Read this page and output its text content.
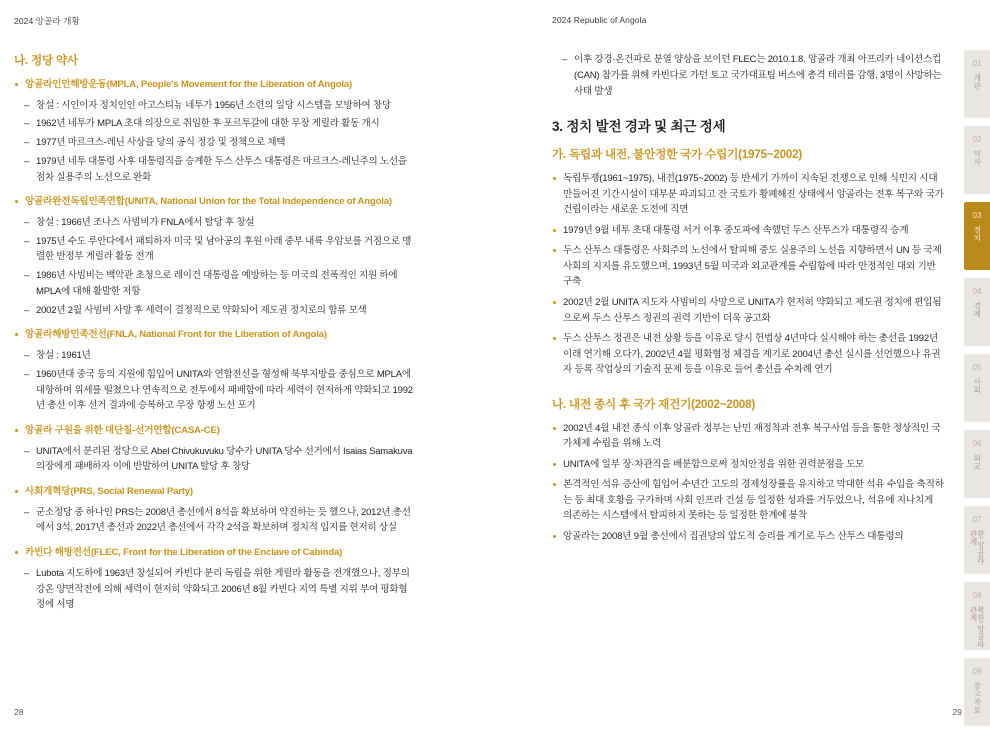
2024 앙골라 개황	2024 Republic of Angola
나. 정당 약사
앙골라인민해방운동(MPLA, People's Movement for the Liberation of Angola)
– 창설 : 시인이자 정치인인 아고스티뉴 네투가 1956년 소련의 일당 시스템을 모방하여 창당
– 1962년 네투가 MPLA 초대 의장으로 취임한 후 포르투갈에 대한 무장 게릴라 활동 개시
– 1977년 마르크스-레닌 사상을 당의 공식 정강 및 정책으로 채택
– 1979년 네투 대통령 사후 대통령직을 승계한 두스 산투스 대통령은 마르크스-레닌주의 노선을 점차 실용주의 노선으로 완화
앙골라완전독립민족연합(UNITA, National Union for the Total Independence of Angola)
– 창설 : 1966년 조나스 사빔비가 FNLA에서 탈당 후 창설
– 1975년 수도 루안다에서 패퇴하자 미국 및 남아공의 후원 아래 중부 내륙 우암보를 거점으로 맹렬한 반정부 게릴라 활동 전개
– 1986년 사빔비는 백악관 초청으로 레이건 대통령을 예방하는 등 미국의 전폭적인 지원 하에 MPLA에 대해 활발한 저항
– 2002년 2월 사빔비 사망 후 세력이 결정적으로 약화되어 제도권 정치로의 합류 모색
앙골라해방민족전선(FNLA, National Front for the Liberation of Angola)
– 창설 : 1961년
– 1960년대 중국 등의 지원에 힘입어 UNITA와 연합전선을 형성해 북부지방을 중심으로 MPLA에 대항하며 위세를 떨쳤으나 연속적으로 전투에서 패배함에 따라 세력이 현저하게 약화되고 1992년 총선 이후 선거 결과에 승복하고 무장 항쟁 노선 포기
앙골라 구원을 위한 대단칠-선거연합(CASA-CE)
– UNITA에서 분리된 정당으로 Abel Chivukuvuku 당수가 UNITA 당수 선거에서 Isaias Samakuva 의장에게 패배하자 이에 반발하여 UNITA 탈당 후 창당
사회개혁당(PRS, Social Renewal Party)
– 군소정당 중 하나인 PRS는 2008년 총선에서 8석을 확보하며 약진하는 듯 했으나, 2012년 총선에서 3석, 2017년 총선과 2022년 총선에서 각각 2석을 확보하며 정치적 입지를 현저히 상실
카빈다 해방전선(FLEC, Front for the Liberation of the Enclave of Cabinda)
– Lubota 지도하에 1963년 창설되어 카빈다 분리 독립을 위한 게릴라 활동을 전개했으나, 정부의 강온 양면작전에 의해 세력이 현저히 약화되고 2006년 8월 카빈다 지역 특별 지위 부여 평화협정에 서명
– 이후 강경·온건파로 분열 양상을 보이던 FLEC는 2010.1.8. 앙골라 개최 아프리카 네이션스컵(CAN) 참가를 위해 카빈다로 가던 토고 국가대표팀 버스에 총격 테러를 감행, 3명이 사망하는 사태 발생
3. 정치 발전 경과 및 최근 정세
가. 독립과 내전, 불안정한 국가 수립기(1975~2002)
독립투쟁(1961~1975), 내전(1975~2002) 등 반세기 가까이 지속된 전쟁으로 인해 식민지 시대 만들어진 기간시설이 대부분 파괴되고 잔 국토가 황폐해진 상태에서 앙골라는 전후 복구와 국가 건립이라는 새로운 도전에 직면
1979년 9월 네투 초대 대통령 서거 이후 중도파에 속했던 두스 산투스가 대통령직 승계
두스 산투스 대통령은 사회주의 노선에서 탈피해 중도 실용주의 노선을 지향하면서 UN 등 국제사회의 지지를 유도했으며, 1993년 5월 미국과 외교관계를 수립함에 따라 안정적인 대외 기반 구축
2002년 2월 UNITA 지도자 사빔비의 사망으로 UNITA가 현저히 약화되고 제도권 정치에 편입됨으로써 두스 산투스 정권의 권력 기반이 더욱 공고화
두스 산투스 정권은 내전 상황 등을 이유로 당시 헌법상 4년마다 실시해야 하는 총선을 1992년 이래 연기해 오다가, 2002년 4월 평화협정 체결을 계기로 2004년 총선 실시를 선언했으나 유권자 등록 작업상의 기술적 문제 등을 이유로 들어 총선을 수차례 연기
나. 내전 종식 후 국가 재건기(2002~2008)
2002년 4월 내전 종식 이후 앙골라 정부는 난민 재정착과 전후 복구사업 등을 통한 정상적인 국가체제 수립을 위해 노력
UNITA에 일부 장·차관직을 배분함으로써 정치안정을 위한 권력분점을 도모
본격적인 석유 증산에 힘입어 수년간 고도의 경제성장률을 유지하고 막대한 석유 수입을 축적하는 등 최대 호황을 구가하며 사회 인프라 건설 등 일정한 성과를 거두었으나, 석유에 지나치게 의존하는 시스템에서 탈피하지 못하는 등 일정한 한계에 봉착
앙골라는 2008년 9월 총선에서 집권당의 압도적 승리를 계기로 두스 산투스 대통령의
01
개관
02
약사
03
정치
04
경제
05
사회
06
외교
07
한·앙골라 관계
08
북한·앙골라 관계
09
참고자료
28	29
